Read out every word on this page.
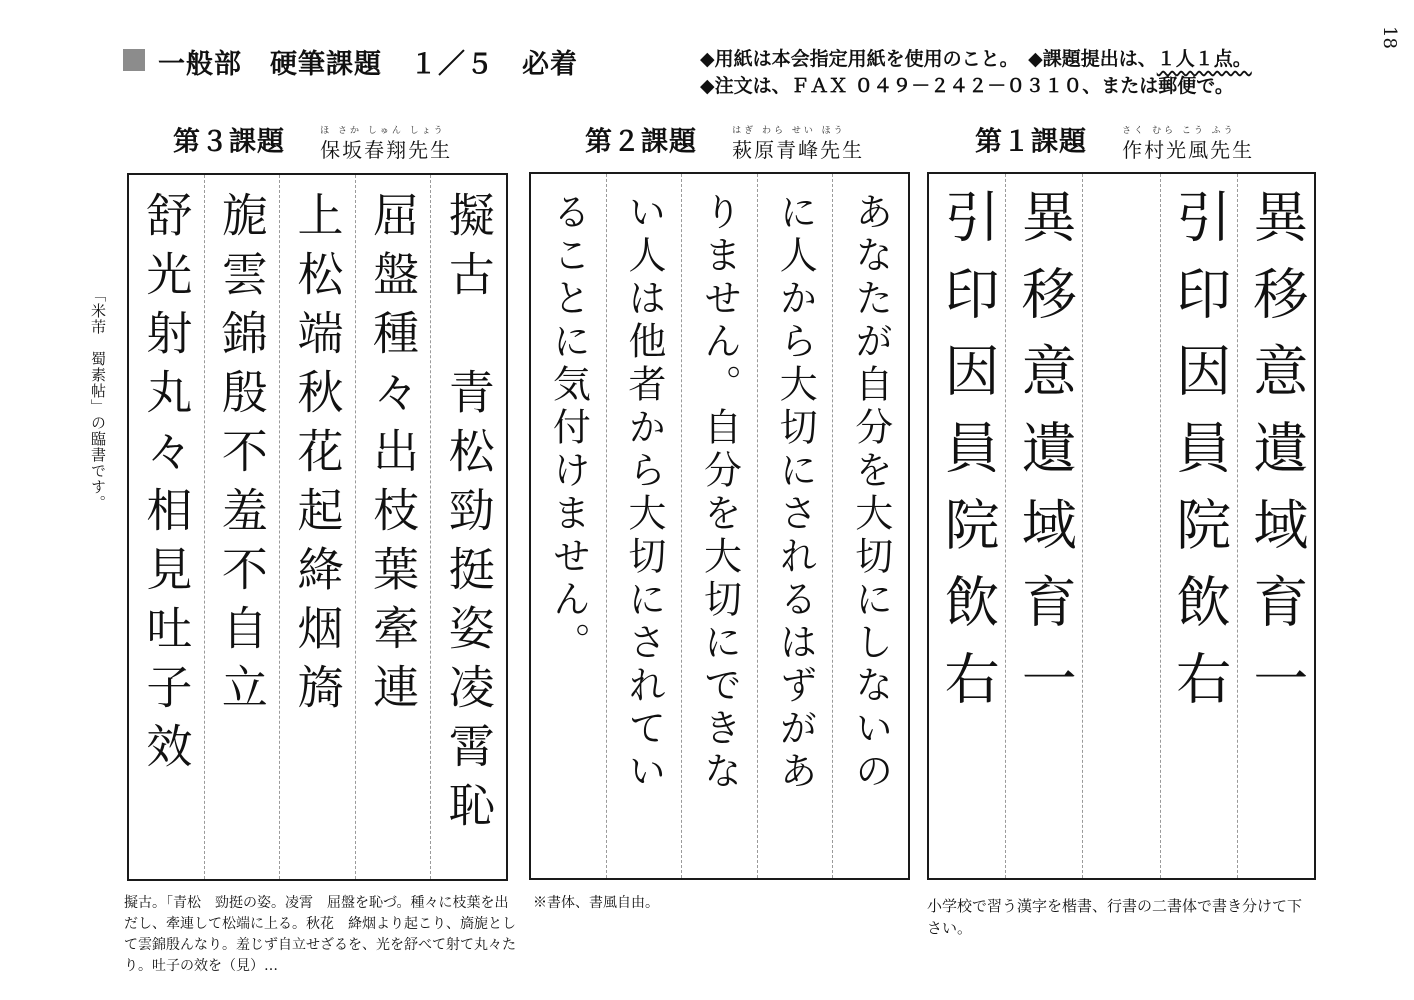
一般部　硬筆課題　１／５　必着	◆用紙は本会指定用紙を使用のこと。　◆課題提出は、１人１点。
◆注文は、ＦＡＸ ０４９－２４２－０３１０、または郵便で。
18
第３課題	ほ さか しゅん しょう
保坂春翔先生	第２課題	はぎ わら せい ほう
萩原青峰先生	第１課題	さく むら こう ふう
作村光風先生
擬古　青松勁挺姿凌霄恥
屈盤種々出枝葉牽連
上松端秋花起絳烟旖
旎雲錦殷不羞不自立
舒光射丸々相見吐子效
「米芾　蜀素帖」の臨書です。	あなたが自分を大切にしないの
に人から大切にされるはずがあ
りません。自分を大切にできな
い人は他者から大切にされてい
ることに気付けません。	異移意遺域育一
引印因員院飲右
異移意遺域育一
引印因員院飲右
擬古。「青松　勁挺の姿。凌霄　屈盤を恥づ。種々に枝葉を出だし、牽連して松端に上る。秋花　絳烟より起こり、旖旎として雲錦殷んなり。羞じず自立せざるを、光を舒べて射て丸々たり。吐子の效を（見）…
※書体、書風自由。	小学校で習う漢字を楷書、行書の二書体で書き分けて下さい。
